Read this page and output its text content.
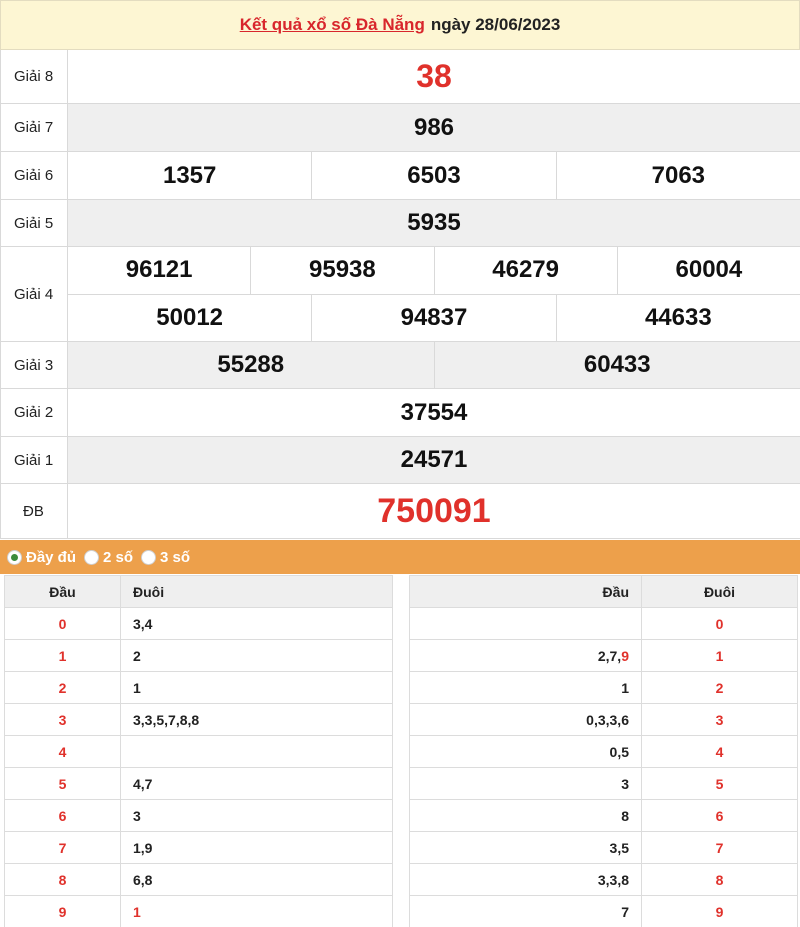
Kết quả xổ số Đà Nẵng ngày 28/06/2023
Giải 8	38
Giải 7	986
Giải 6	1357	6503	7063
Giải 5	5935
Giải 4
96121	95938	46279	60004
50012	94837	44633
Giải 3	55288	60433
Giải 2	37554
Giải 1	24571
ĐB	750091
Đầy đủ 2 số 3 số
Đầu	Đuôi
0	3,4
1	2
2	1
3	3,3,5,7,8,8
4	
5	4,7
6	3
7	1,9
8	6,8
9	1
Đầu	Đuôi
	0
2,7,9	1
1	2
0,3,3,6	3
0,5	4
3	5
8	6
3,5	7
3,3,8	8
7	9
